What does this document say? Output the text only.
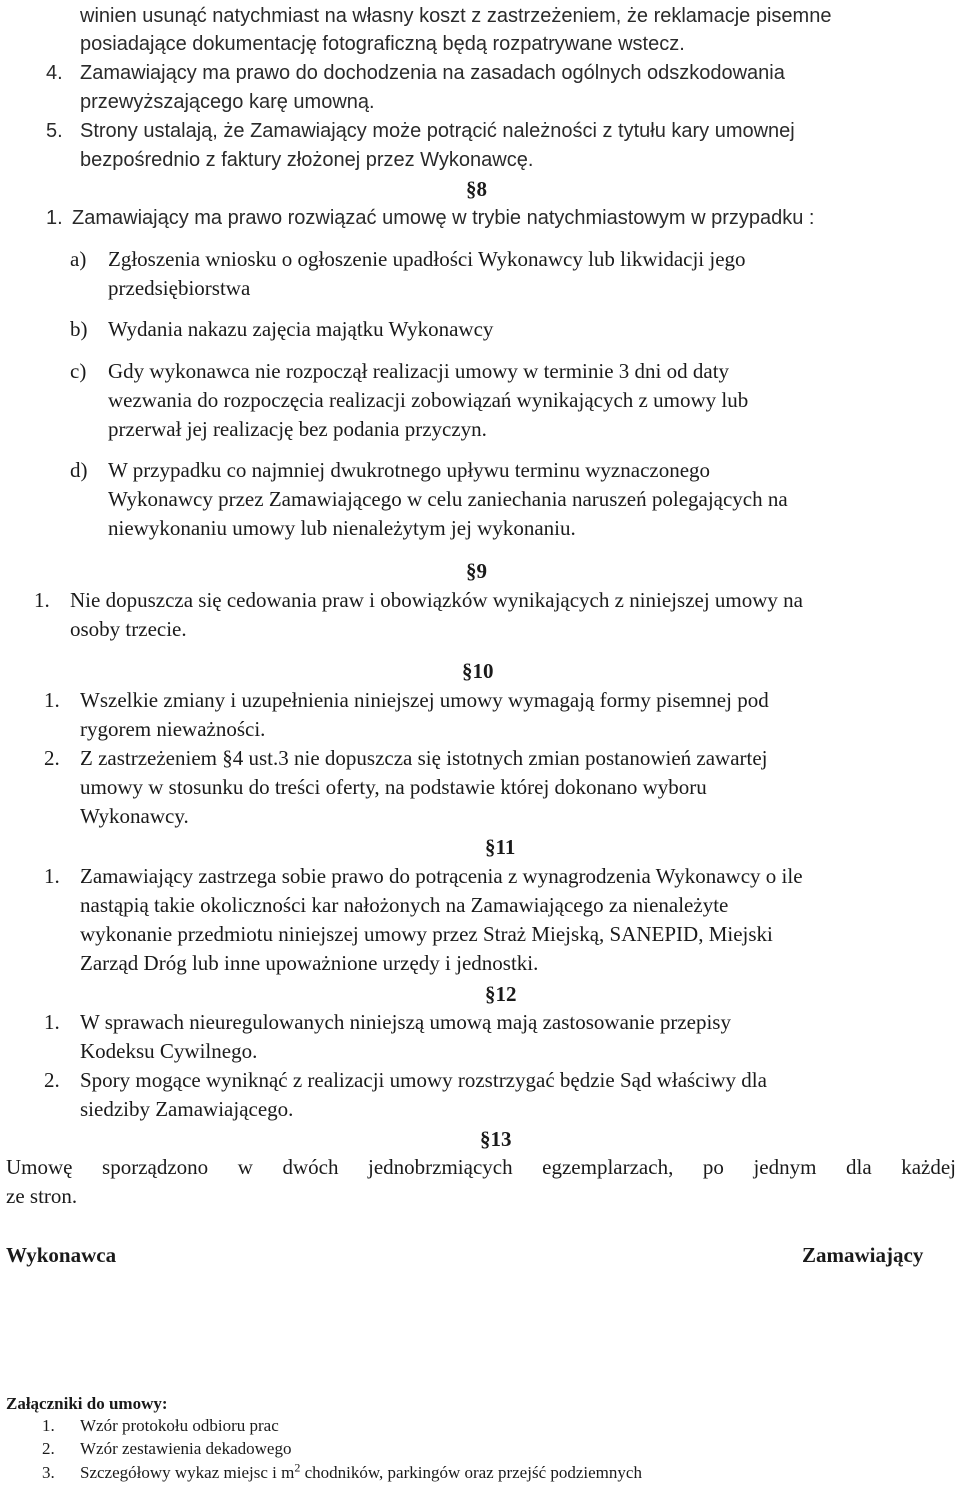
winien usunąć natychmiast na własny koszt z zastrzeżeniem, że reklamacje pisemne
posiadające dokumentację fotograficzną będą rozpatrywane wstecz.
4. Zamawiający ma prawo do dochodzenia na zasadach ogólnych odszkodowania
przewyższającego karę umowną.
5. Strony ustalają, że Zamawiający może potrącić należności z tytułu kary umownej
bezpośrednio z faktury złożonej przez Wykonawcę.
§8
1. Zamawiający ma prawo rozwiązać umowę w trybie natychmiastowym w przypadku :
a) Zgłoszenia wniosku o ogłoszenie upadłości Wykonawcy lub likwidacji jego
przedsiębiorstwa
b) Wydania nakazu zajęcia majątku Wykonawcy
c) Gdy wykonawca nie rozpoczął realizacji umowy w terminie 3 dni od daty
wezwania do rozpoczęcia realizacji zobowiązań wynikających z umowy lub
przerwał jej realizację bez podania przyczyn.
d) W przypadku co najmniej dwukrotnego upływu terminu wyznaczonego
Wykonawcy przez Zamawiającego w celu zaniechania naruszeń polegających na
niewykonaniu umowy lub nienależytym jej wykonaniu.
§9
1. Nie dopuszcza się cedowania praw i obowiązków wynikających z niniejszej umowy na
osoby trzecie.
§10
1. Wszelkie zmiany i uzupełnienia niniejszej umowy wymagają formy pisemnej pod
rygorem nieważności.
2. Z zastrzeżeniem §4 ust.3 nie dopuszcza się istotnych zmian postanowień zawartej
umowy w stosunku do treści oferty, na podstawie której dokonano wyboru
Wykonawcy.
§11
1. Zamawiający zastrzega sobie prawo do potrącenia z wynagrodzenia Wykonawcy o ile
nastąpią takie okoliczności kar nałożonych na Zamawiającego za nienależyte
wykonanie przedmiotu niniejszej umowy przez Straż Miejską, SANEPID, Miejski
Zarząd Dróg lub inne upoważnione urzędy i jednostki.
§12
1. W sprawach nieuregulowanych niniejszą umową mają zastosowanie przepisy
Kodeksu Cywilnego.
2. Spory mogące wyniknąć z realizacji umowy rozstrzygać będzie Sąd właściwy dla
siedziby Zamawiającego.
§13
Umowę sporządzono w dwóch jednobrzmiących egzemplarzach, po jednym dla każdej
ze stron.
Wykonawca	Zamawiający
Załączniki do umowy:
1. Wzór protokołu odbioru prac
2. Wzór zestawienia dekadowego
3. Szczegółowy wykaz miejsc i $m^2$ chodników, parkingów oraz przejść podziemnych
